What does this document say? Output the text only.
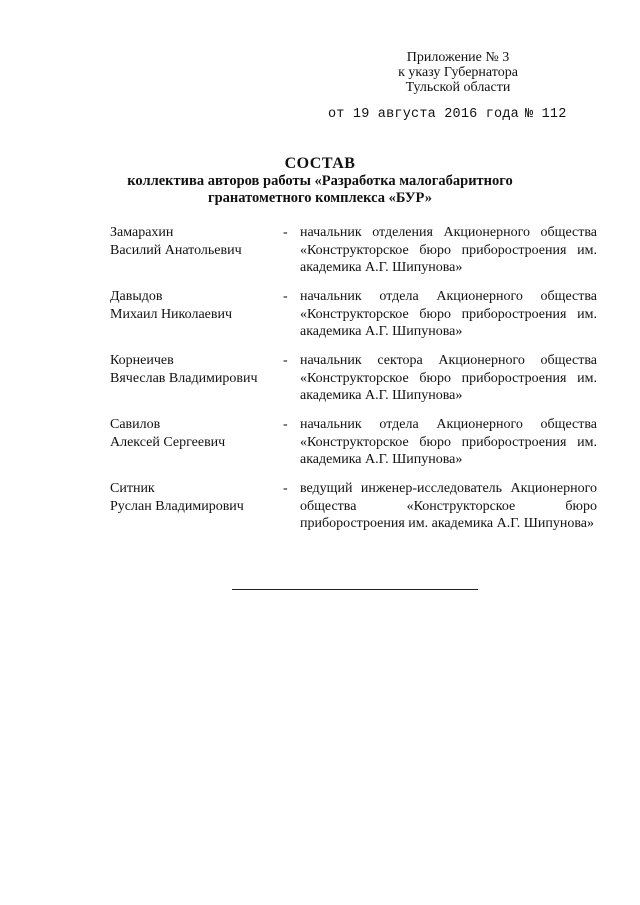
Приложение № 3
к указу Губернатора
Тульской области
от 19 августа 2016 года № 112
СОСТАВ
коллектива авторов работы «Разработка малогабаритного
гранатометного комплекса «БУР»
Замарахин
Василий Анатольевич
- начальник отделения Акционерного общества «Конструкторское бюро приборостроения им. академика А.Г. Шипунова»
Давыдов
Михаил Николаевич
- начальник отдела Акционерного общества «Конструкторское бюро приборостроения им. академика А.Г. Шипунова»
Корнеичев
Вячеслав Владимирович
- начальник сектора Акционерного общества «Конструкторское бюро приборостроения им. академика А.Г. Шипунова»
Савилов
Алексей Сергеевич
- начальник отдела Акционерного общества «Конструкторское бюро приборостроения им. академика А.Г. Шипунова»
Ситник
Руслан Владимирович
- ведущий инженер-исследователь Акционерного общества «Конструкторское бюро приборостроения им. академика А.Г. Шипунова»
